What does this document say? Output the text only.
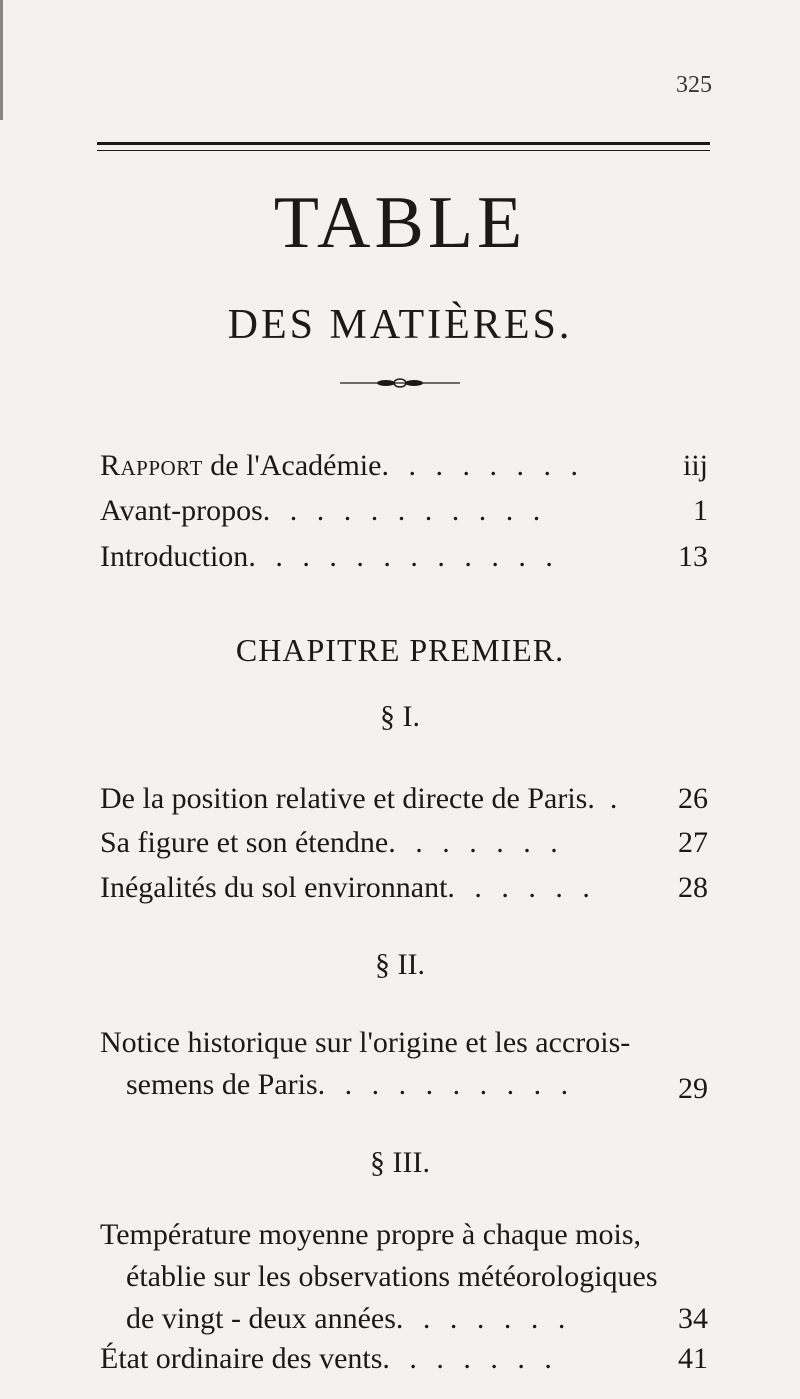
325
TABLE
DES MATIÈRES.
Rapport de l'Académie. . . . . . . .	iij
Avant-propos. . . . . . . . . . .	1
Introduction. . . . . . . . . . . .	13
CHAPITRE PREMIER.
§ I.
De la position relative et directe de Paris. . 26
Sa figure et son étendne. . . . . . .	27
Inégalités du sol environnant. . . . . .	28
§ II.
Notice historique sur l'origine et les accrois-
semens de Paris. . . . . . . . . .	29
§ III.
Température moyenne propre à chaque mois,
établie sur les observations météorologiques
de vingt - deux années. . . . . . .	34
État ordinaire des vents. . . . . . .	41
